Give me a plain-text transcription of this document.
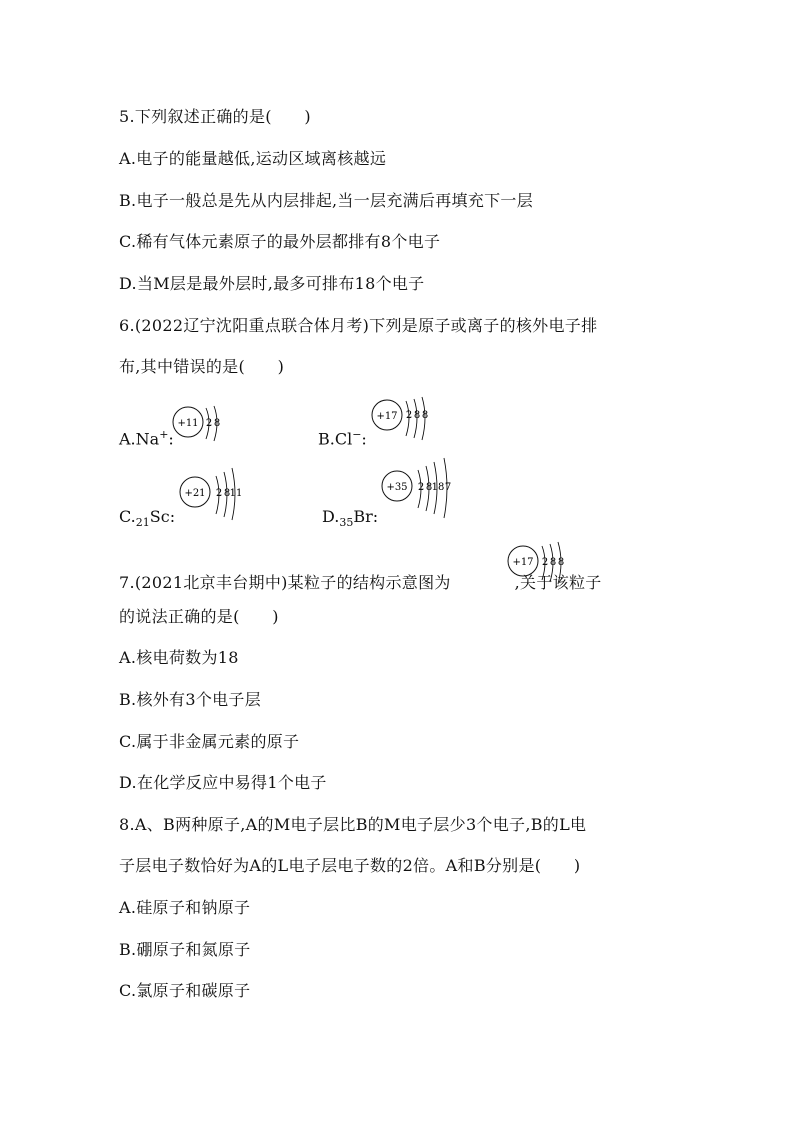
5.下列叙述正确的是(　　)
A.电子的能量越低,运动区域离核越远
B.电子一般总是先从内层排起,当一层充满后再填充下一层
C.稀有气体元素原子的最外层都排有8个电子
D.当M层是最外层时,最多可排布18个电子
6.(2022辽宁沈阳重点联合体月考)下列是原子或离子的核外电子排
布,其中错误的是(　　)
A.Na+:
+11 2 8
B.Cl−:
+17 2 8 8
$C._{21}Sc$:
+21 2 8 11
$D._{35}Br$:
+35 2 8 18 7
7.(2021北京丰台期中)某粒子的结构示意图为	,关于该粒子
+17 2 8 8
的说法正确的是(　　)
A.核电荷数为18
B.核外有3个电子层
C.属于非金属元素的原子
D.在化学反应中易得1个电子
8.A、B两种原子,A的M电子层比B的M电子层少3个电子,B的L电
子层电子数恰好为A的L电子层电子数的2倍。A和B分别是(　　)
A.硅原子和钠原子
B.硼原子和氮原子
C.氯原子和碳原子
